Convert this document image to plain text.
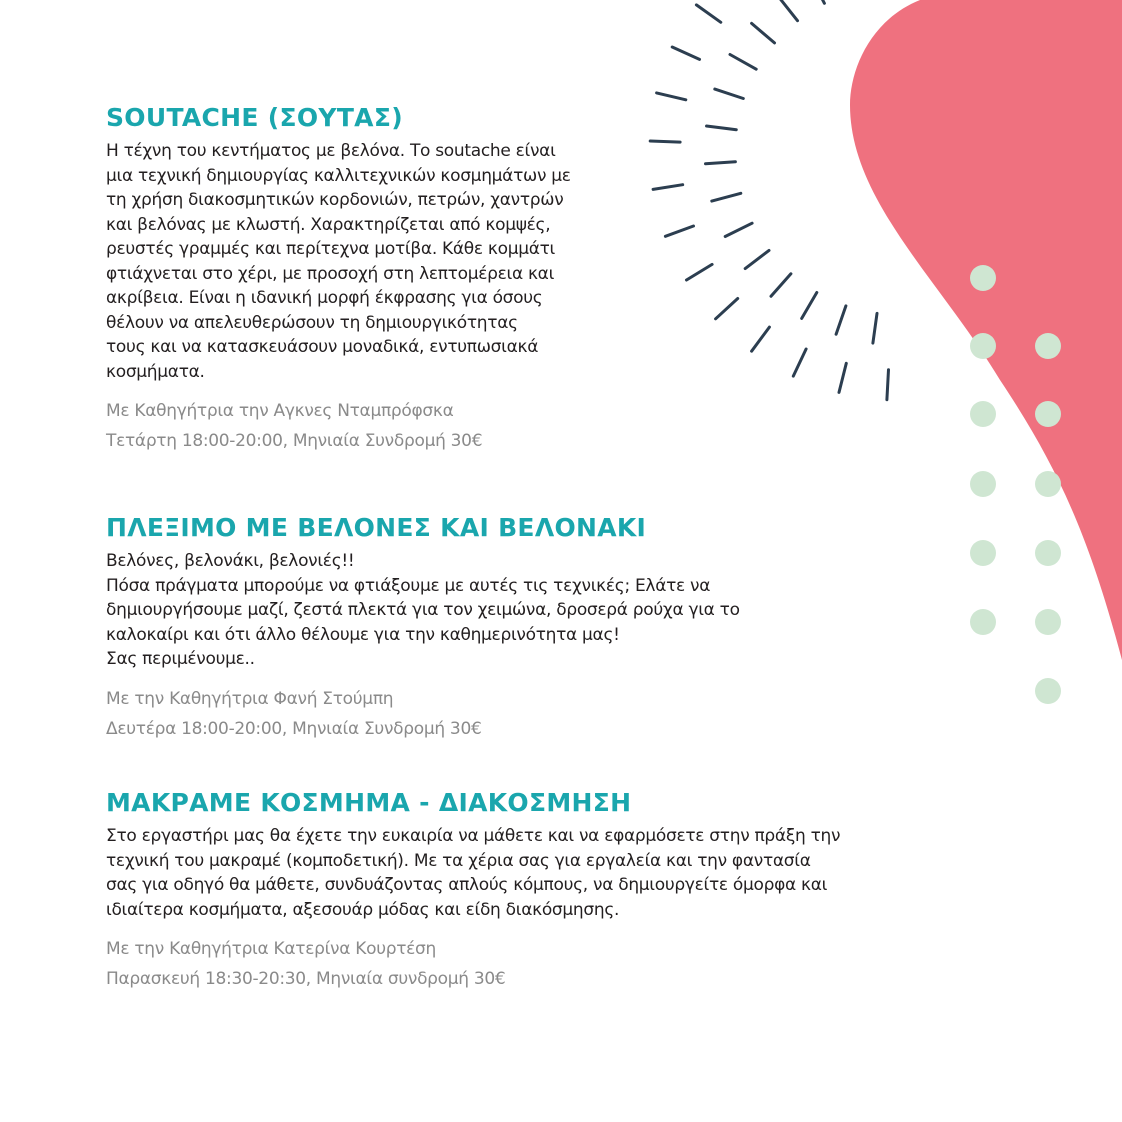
SOUTACHE (ΣΟΥΤΑΣ)

Η τέχνη του κεντήματος με βελόνα. Το soutache είναι

μια τεχνική δημιουργίας καλλιτεχνικών κοσμημάτων με

τη χρήση διακοσμητικών κορδονιών, πετρών, χαντρών

και βελόνας με κλωστή. Χαρακτηρίζεται από κομψές,

ρευστές γραμμές και περίτεχνα μοτίβα. Κάθε κομμάτι

φτιάχνεται στο χέρι, με προσοχή στη λεπτομέρεια και

ακρίβεια. Είναι η ιδανική μορφή έκφρασης για όσους

θέλουν να απελευθερώσουν τη δημιουργικότητας

τους και να κατασκευάσουν μοναδικά, εντυπωσιακά

κοσμήματα.

Με Καθηγήτρια την Αγκνες Νταμπρόφσκα

Τετάρτη 18:00-20:00, Μηνιαία Συνδρομή 30€

ΠΛΕΞΙΜΟ ΜΕ ΒΕΛΟΝΕΣ ΚΑΙ ΒΕΛΟΝΑΚΙ

Βελόνες, βελονάκι, βελονιές!!

Πόσα πράγματα μπορούμε να φτιάξουμε με αυτές τις τεχνικές; Ελάτε να

δημιουργήσουμε μαζί, ζεστά πλεκτά για τον χειμώνα, δροσερά ρούχα για το

καλοκαίρι και ότι άλλο θέλουμε για την καθημερινότητα μας!

Σας περιμένουμε..

Με την Καθηγήτρια Φανή Στούμπη

Δευτέρα 18:00-20:00, Μηνιαία Συνδρομή 30€

ΜΑΚΡΑΜΕ ΚΟΣΜΗΜΑ - ΔΙΑΚΟΣΜΗΣΗ

Στο εργαστήρι μας θα έχετε την ευκαιρία να μάθετε και να εφαρμόσετε στην πράξη την

τεχνική του μακραμέ (κομποδετική). Με τα χέρια σας για εργαλεία και την φαντασία

σας για οδηγό θα μάθετε, συνδυάζοντας απλούς κόμπους, να δημιουργείτε όμορφα και

ιδιαίτερα κοσμήματα, αξεσουάρ μόδας και είδη διακόσμησης.

Με την Καθηγήτρια Κατερίνα Κουρτέση

Παρασκευή 18:30-20:30, Μηνιαία συνδρομή 30€
